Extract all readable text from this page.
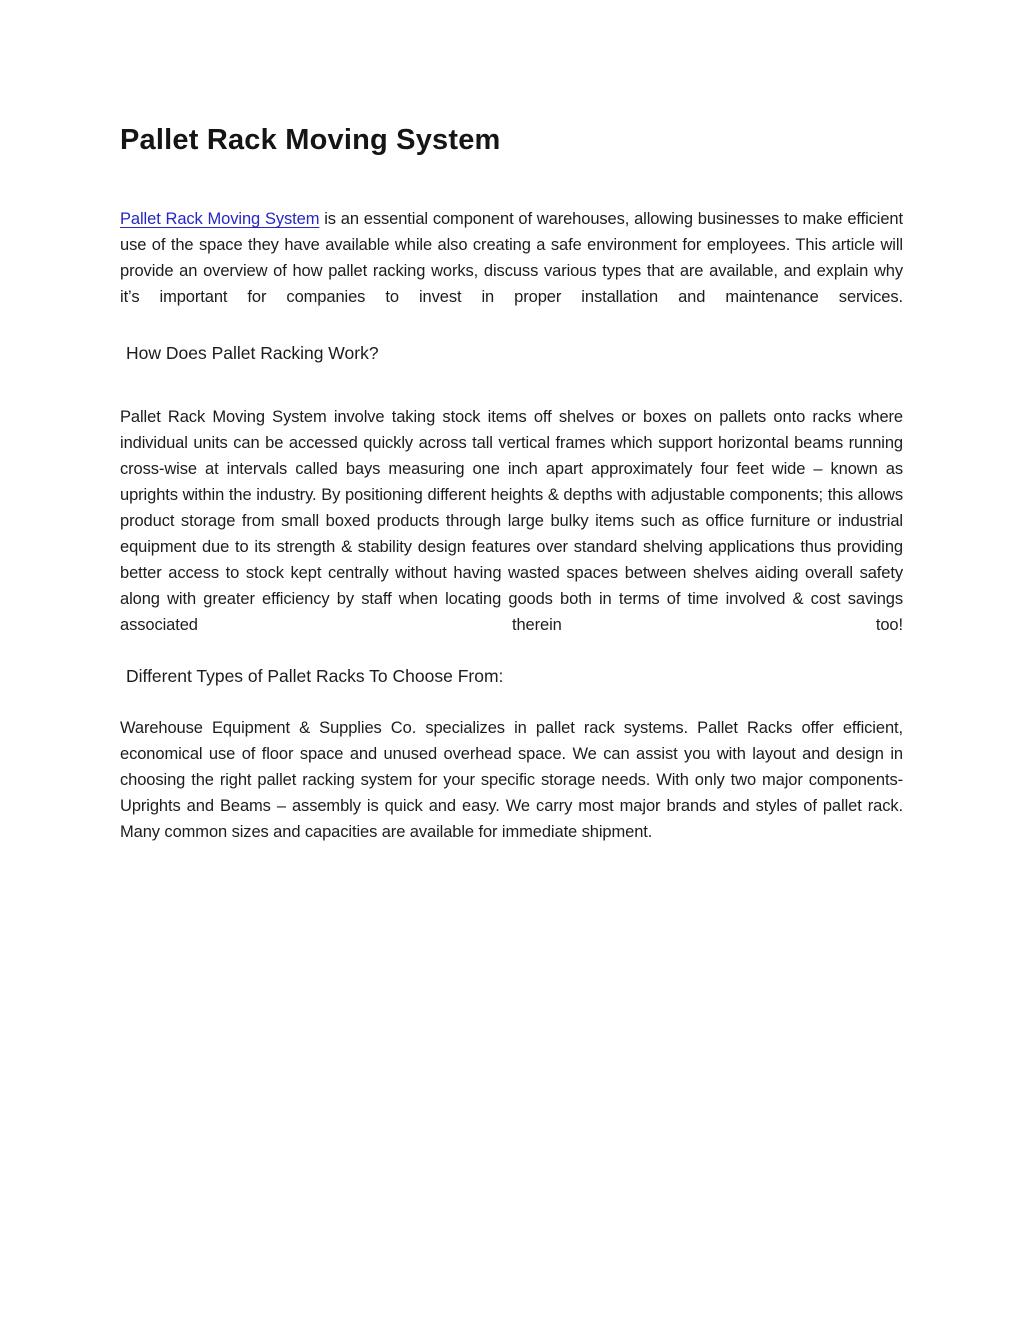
Pallet Rack Moving System

Pallet Rack Moving System is an essential component of warehouses, allowing businesses to make efficient use of the space they have available while also creating a safe environment for employees. This article will provide an overview of how pallet racking works, discuss various types that are available, and explain why it’s important for companies to invest in proper installation and maintenance services.

How Does Pallet Racking Work?

Pallet Rack Moving System involve taking stock items off shelves or boxes on pallets onto racks where individual units can be accessed quickly across tall vertical frames which support horizontal beams running cross-wise at intervals called bays measuring one inch apart approximately four feet wide – known as uprights within the industry. By positioning different heights & depths with adjustable components; this allows product storage from small boxed products through large bulky items such as office furniture or industrial equipment due to its strength & stability design features over standard shelving applications thus providing better access to stock kept centrally without having wasted spaces between shelves aiding overall safety along with greater efficiency by staff when locating goods both in terms of time involved & cost savings associated therein too!

Different Types of Pallet Racks To Choose From:

Warehouse Equipment & Supplies Co. specializes in pallet rack systems. Pallet Racks offer efficient, economical use of floor space and unused overhead space. We can assist you with layout and design in choosing the right pallet racking system for your specific storage needs. With only two major components- Uprights and Beams – assembly is quick and easy. We carry most major brands and styles of pallet rack. Many common sizes and capacities are available for immediate shipment.
